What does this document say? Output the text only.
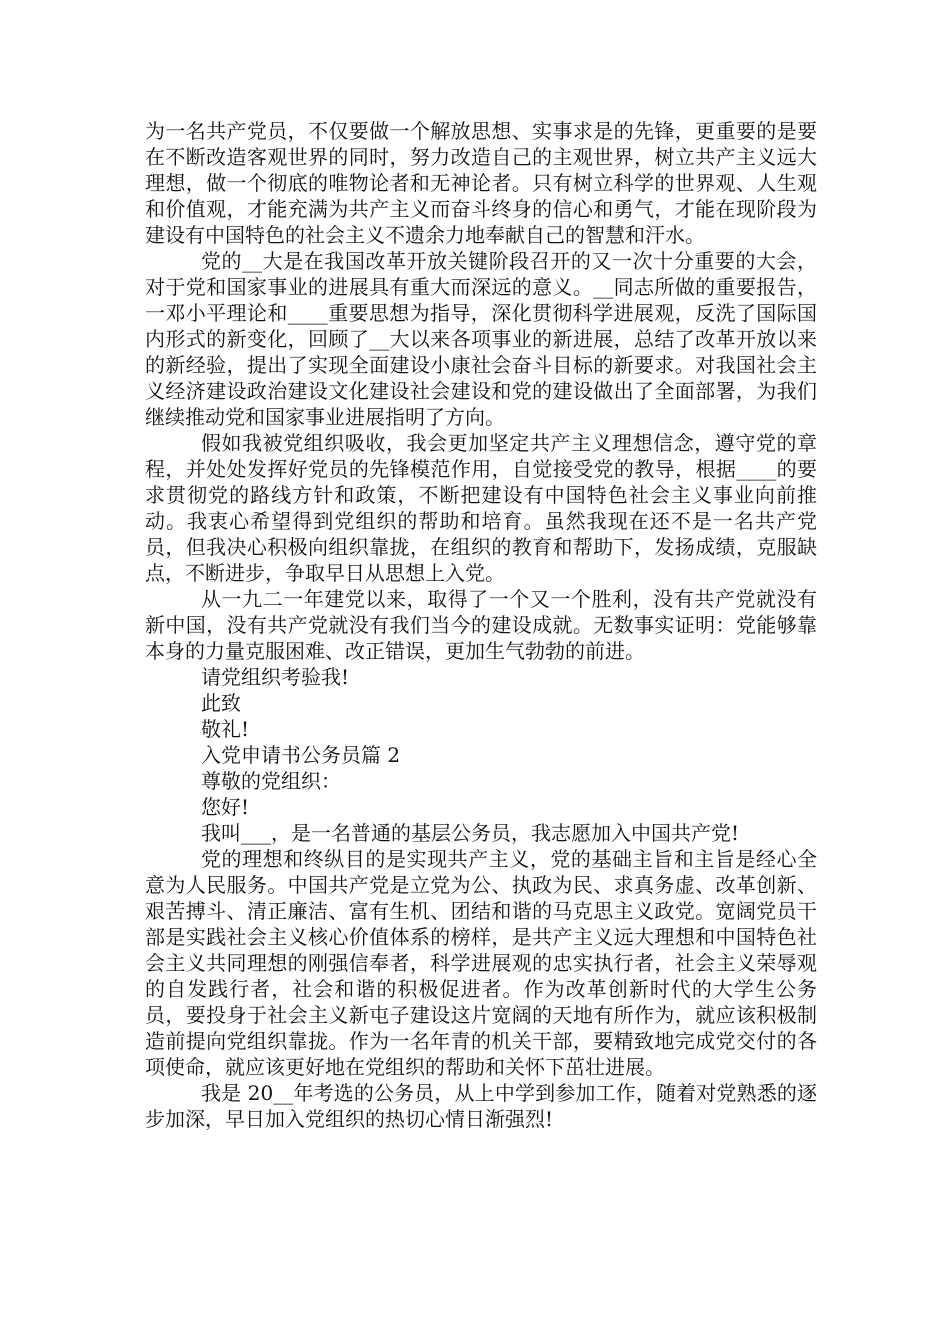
为一名共产党员，不仅要做一个解放思想、实事求是的先锋，更重要的是要在不断改造客观世界的同时，努力改造自己的主观世界，树立共产主义远大理想，做一个彻底的唯物论者和无神论者。只有树立科学的世界观、人生观和价值观，才能充满为共产主义而奋斗终身的信心和勇气，才能在现阶段为建设有中国特色的社会主义不遗余力地奉献自己的智慧和汗水。

党的__大是在我国改革开放关键阶段召开的又一次十分重要的大会，对于党和国家事业的进展具有重大而深远的意义。__同志所做的重要报告，一邓小平理论和____重要思想为指导，深化贯彻科学进展观，反洗了国际国内形式的新变化，回顾了__大以来各项事业的新进展，总结了改革开放以来的新经验，提出了实现全面建设小康社会奋斗目标的新要求。对我国社会主义经济建设政治建设文化建设社会建设和党的建设做出了全面部署，为我们继续推动党和国家事业进展指明了方向。

假如我被党组织吸收，我会更加坚定共产主义理想信念，遵守党的章程，并处处发挥好党员的先锋模范作用，自觉接受党的教导，根据____的要求贯彻党的路线方针和政策，不断把建设有中国特色社会主义事业向前推动。我衷心希望得到党组织的帮助和培育。虽然我现在还不是一名共产党员，但我决心积极向组织靠拢，在组织的教育和帮助下，发扬成绩，克服缺点，不断进步，争取早日从思想上入党。

从一九二一年建党以来，取得了一个又一个胜利，没有共产党就没有新中国，没有共产党就没有我们当今的建设成就。无数事实证明：党能够靠本身的力量克服困难、改正错误，更加生气勃勃的前进。

请党组织考验我!

此致

敬礼!

入党申请书公务员篇 2

尊敬的党组织：

您好!

我叫___，是一名普通的基层公务员，我志愿加入中国共产党!

党的理想和终纵目的是实现共产主义，党的基础主旨和主旨是经心全意为人民服务。中国共产党是立党为公、执政为民、求真务虚、改革创新、艰苦搏斗、清正廉洁、富有生机、团结和谐的马克思主义政党。宽阔党员干部是实践社会主义核心价值体系的榜样，是共产主义远大理想和中国特色社会主义共同理想的刚强信奉者，科学进展观的忠实执行者，社会主义荣辱观的自发践行者，社会和谐的积极促进者。作为改革创新时代的大学生公务员，要投身于社会主义新屯子建设这片宽阔的天地有所作为，就应该积极制造前提向党组织靠拢。作为一名年青的机关干部，要精致地完成党交付的各项使命，就应该更好地在党组织的帮助和关怀下茁壮进展。

我是 20__年考选的公务员，从上中学到参加工作，随着对党熟悉的逐步加深，早日加入党组织的热切心情日渐强烈!
